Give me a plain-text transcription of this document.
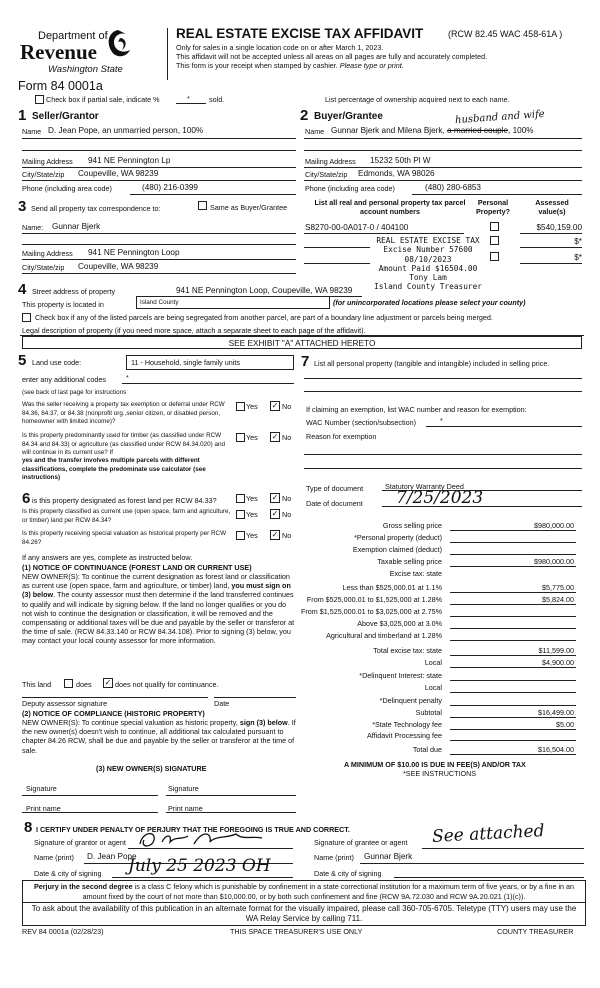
Department of
Revenue
Washington State
Form 84 0001a
REAL ESTATE EXCISE TAX AFFIDAVIT	(RCW 82.45 WAC 458-61A )
Only for sales in a single location code on or after March 1, 2023.
This affidavit will not be accepted unless all areas on all pages are fully and accurately completed.
This form is your receipt when stamped by cashier. Please type or print.
Check box if partial sale, indicate %	*	sold.	List percentage of ownership acquired next to each name.
1 Seller/Grantor
Name D. Jean Pope, an unmarried person, 100%
Mailing Address 941 NE Pennington Lp
City/State/zip Coupeville, WA 98239
Phone (including area code)	(480) 216-0399
2 Buyer/Grantee	husband and wife
Name Gunnar Bjerk and Milena Bjerk, a married couple, 100%
Mailing Address 15232 50th Pl W
City/State/zip Edmonds, WA 98026
Phone (including area code)	(480) 280-6853
3 Send all property tax correspondence to:	Same as Buyer/Grantee
Name: Gunnar Bjerk
Mailing Address 941 NE Pennington Loop
City/State/zip Coupeville, WA 98239
List all real and personal property tax parcel account numbers
Personal Property?
Assessed value(s)
S8270-00-0A017-0 / 404100	$540,159.00
$*
$*
REAL ESTATE EXCISE TAX
Excise Number 57600
08/10/2023
Amount Paid $16504.00
Tony Lam
Island County Treasurer
4 Street address of property	941 NE Pennington Loop, Coupeville, WA 98239
This property is located in	Island County	(for unincorporated locations please select your county)
Check box if any of the listed parcels are being segregated from another parcel, are part of a boundary line adjustment or parcels being merged.
Legal description of property (if you need more space, attach a separate sheet to each page of the affidavit).
SEE EXHIBIT "A" ATTACHED HERETO
5 Land use code:	11 - Household, single family units
enter any additional codes	*
(see back of last page for instructions
Was the seller receiving a property tax exemption or deferral under RCW 84.36, 84.37, or 84.38 (nonprofit org.,senior citizen, or disabled person, homeowner with limited income)?
Yes ✓ No
Is this property predominantly used for timber (as classified under RCW 84.34 and 84.33) or agriculture (as classified under RCW 84.34.020) and will continue in its current use? If
yes and the transfer involves multiple parcels with different classifications, complete the predominate use calculator (see instructions)
Yes ✓ No
6 is this property designated as forest land per RCW 84.33?	Yes ✓ No
Is this property classified as current use (open space, farm and agriculture, or timber) land per RCW 84.34?
Yes ✓ No
Is this property receiving special valuation as historical property per RCW 84.26?
Yes ✓ No
If any answers are yes, complete as instructed below.
(1) NOTICE OF CONTINUANCE (FOREST LAND OR CURRENT USE)
NEW OWNER(S): To continue the current designation as forest land or classification as current use (open space, farm and agriculture, or timber) land, you must sign on (3) below. The county assessor must then determine if the land transferred continues to qualify and will indicate by signing below. If the land no longer qualifies or you do not wish to continue the designation or classification, it will be removed and the compensating or additional taxes will be due and payable by the seller or transferor at the time of sale. (RCW 84.33.140 or RCW 84.34.108). Prior to signing (3) below, you may contact your local county assessor for more information.
This land	does ✓ does not qualify for continuance.
Deputy assessor signature	Date
(2) NOTICE OF COMPLIANCE (HISTORIC PROPERTY)
NEW OWNER(S): To continue special valuation as historic property, sign (3) below. If the new owner(s) doesn't wish to continue, all additional tax calculated pursuant to chapter 84.26 RCW, shall be due and payable by the seller or transferor at the time of sale.
(3) NEW OWNER(S) SIGNATURE
Signature	Signature
Print name	Print name
7 List all personal property (tangible and intangible) included in selling price.
If claiming an exemption, list WAC number and reason for exemption:
WAC Number (section/subsection)	*
Reason for exemption
Type of document	Statutory Warranty Deed
Date of document 7/25/2023
Gross selling price	$980,000.00
*Personal property (deduct)
Exemption claimed (deduct)
Taxable selling price	$980,000.00
Excise tax: state
Less than $525,000.01 at 1.1%	$5,775.00
From $525,000.01 to $1,525,000 at 1.28%	$5,824.00
From $1,525,000.01 to $3,025,000 at 2.75%
Above $3,025,000 at 3.0%
Agricultural and timberland at 1.28%
Total excise tax: state	$11,599.00
Local	$4,900.00
*Delinquent Interest: state
Local
*Delinquent penalty
Subtotal	$16,499.00
*State Technology fee	$5.00
Affidavit Processing fee
Total due	$16,504.00
A MINIMUM OF $10.00 IS DUE IN FEE(S) AND/OR TAX
*SEE INSTRUCTIONS
8 I CERTIFY UNDER PENALTY OF PERJURY THAT THE FOREGOING IS TRUE AND CORRECT.
Signature of grantor or agent	Signature of grantee or agent See attached
Name (print) D. Jean Pope	Name (print) Gunnar Bjerk
Date & city of signing July 25 2023 OH	Date & city of signing
Perjury in the second degree is a class C felony which is punishable by confinement in a state correctional institution for a maximum term of five years, or by a fine in an amount fixed by the court of not more than $10,000.00, or by both such confinement and fine (RCW 9A.72.030 and RCW 9A.20.021 (1)(c)).
To ask about the availability of this publication in an alternate format for the visually impaired, please call 360-705-6705. Teletype (TTY) users may use the WA Relay Service by calling 711.
REV 84 0001a (02/28/23)	THIS SPACE TREASURER'S USE ONLY	COUNTY TREASURER
